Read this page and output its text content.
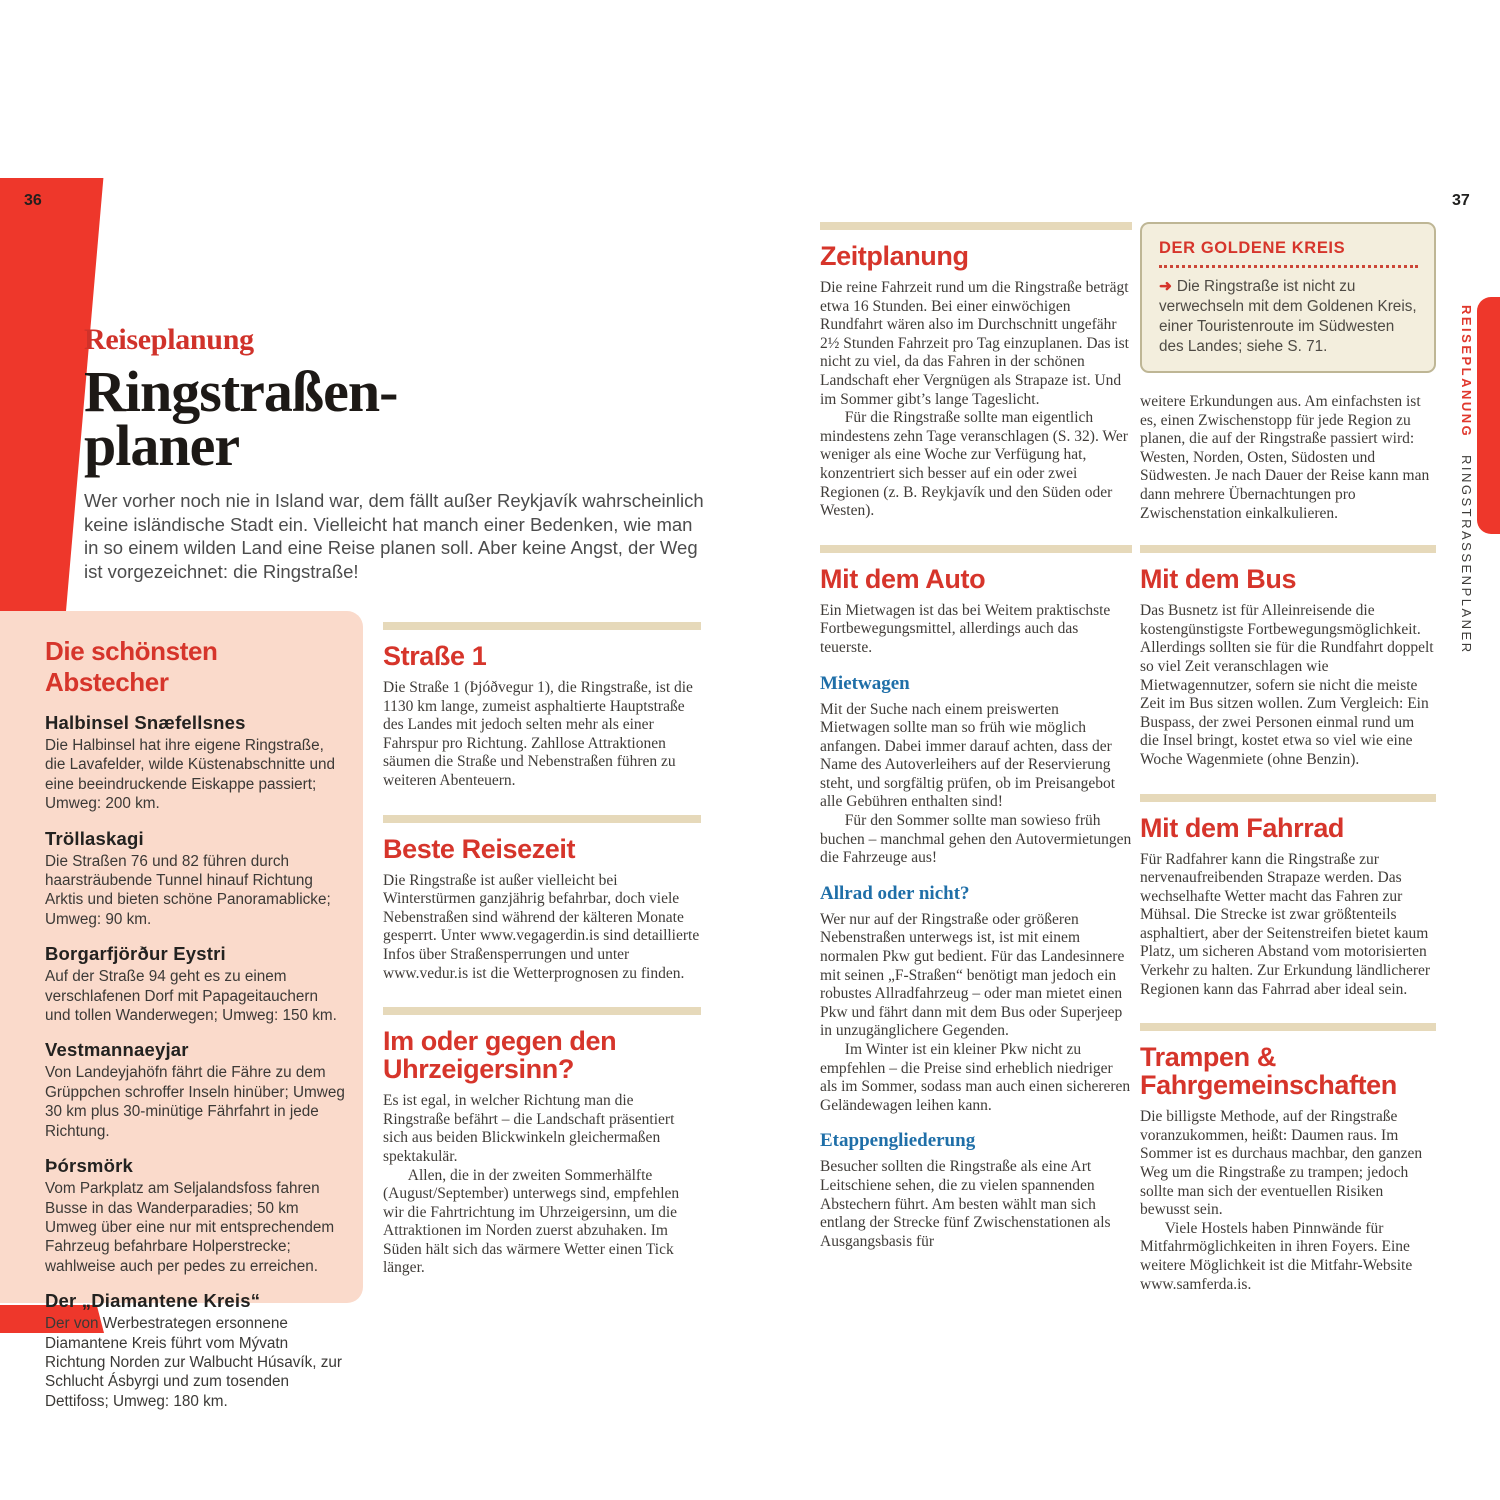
36	37
Reiseplanung
Ringstraßen-
planer
Wer vorher noch nie in Island war, dem fällt außer Reykjavík wahrscheinlich keine isländische Stadt ein. Vielleicht hat manch einer Bedenken, wie man in so einem wilden Land eine Reise planen soll. Aber keine Angst, der Weg ist vorgezeichnet: die Ringstraße!
Die schönsten Abstecher
Halbinsel Snæfellsnes

Die Halbinsel hat ihre eigene Ringstraße, die Lavafelder, wilde Küstenabschnitte und eine beeindruckende Eiskappe passiert; Umweg: 200 km.

Tröllaskagi

Die Straßen 76 und 82 führen durch haarsträubende Tunnel hinauf Richtung Arktis und bieten schöne Panoramablicke; Umweg: 90 km.

Borgarfjörður Eystri

Auf der Straße 94 geht es zu einem verschlafenen Dorf mit Papageitauchern und tollen Wanderwegen; Umweg: 150 km.

Vestmannaeyjar

Von Landeyjahöfn fährt die Fähre zu dem Grüppchen schroffer Inseln hinüber; Umweg 30 km plus 30-minütige Fährfahrt in jede Richtung.

Þórsmörk

Vom Parkplatz am Seljalandsfoss fahren Busse in das Wanderparadies; 50 km Umweg über eine nur mit entsprechendem Fahrzeug befahrbare Holperstrecke; wahlweise auch per pedes zu erreichen.

Der „Diamantene Kreis“

Der von Werbestrategen ersonnene Diamantene Kreis führt vom Mývatn Richtung Norden zur Walbucht Húsavík, zur Schlucht Ásbyrgi und zum tosenden Dettifoss; Umweg: 180 km.

Straße 1

Die Straße 1 (Þjóðvegur 1), die Ringstraße, ist die 1130 km lange, zumeist asphaltierte Hauptstraße des Landes mit jedoch selten mehr als einer Fahrspur pro Richtung. Zahllose Attraktionen säumen die Straße und Nebenstraßen führen zu weiteren Abenteuern.

Beste Reisezeit

Die Ringstraße ist außer vielleicht bei Winterstürmen ganzjährig befahrbar, doch viele Nebenstraßen sind während der kälteren Monate gesperrt. Unter www.vegagerdin.is sind detaillierte Infos über Straßensperrungen und unter www.vedur.is ist die Wetterprognosen zu finden.

Im oder gegen den Uhrzeigersinn?

Es ist egal, in welcher Richtung man die Ringstraße befährt – die Landschaft präsentiert sich aus beiden Blickwinkeln gleichermaßen spektakulär.

Allen, die in der zweiten Sommerhälfte (August/September) unterwegs sind, empfehlen wir die Fahrtrichtung im Uhrzeigersinn, um die Attraktionen im Norden zuerst abzuhaken. Im Süden hält sich das wärmere Wetter einen Tick länger.

Zeitplanung

Die reine Fahrzeit rund um die Ringstraße beträgt etwa 16 Stunden. Bei einer einwöchigen Rundfahrt wären also im Durchschnitt ungefähr 2½ Stunden Fahrzeit pro Tag einzuplanen. Das ist nicht zu viel, da das Fahren in der schönen Landschaft eher Vergnügen als Strapaze ist. Und im Sommer gibt’s lange Tageslicht.

Für die Ringstraße sollte man eigentlich mindestens zehn Tage veranschlagen (S. 32). Wer weniger als eine Woche zur Verfügung hat, konzentriert sich besser auf ein oder zwei Regionen (z. B. Reykjavík und den Süden oder Westen).

Mit dem Auto

Ein Mietwagen ist das bei Weitem praktischste Fortbewegungsmittel, allerdings auch das teuerste.

Mietwagen

Mit der Suche nach einem preiswerten Mietwagen sollte man so früh wie möglich anfangen. Dabei immer darauf achten, dass der Name des Autoverleihers auf der Reservierung steht, und sorgfältig prüfen, ob im Preisangebot alle Gebühren enthalten sind!

Für den Sommer sollte man sowieso früh buchen – manchmal gehen den Autovermietungen die Fahrzeuge aus!

Allrad oder nicht?

Wer nur auf der Ringstraße oder größeren Nebenstraßen unterwegs ist, ist mit einem normalen Pkw gut bedient. Für das Landesinnere mit seinen „F-Straßen“ benötigt man jedoch ein robustes Allradfahrzeug – oder man mietet einen Pkw und fährt dann mit dem Bus oder Superjeep in unzugänglichere Gegenden.

Im Winter ist ein kleiner Pkw nicht zu empfehlen – die Preise sind erheblich niedriger als im Sommer, sodass man auch einen sichereren Geländewagen leihen kann.

Etappengliederung

Besucher sollten die Ringstraße als eine Art Leitschiene sehen, die zu vielen spannenden Abstechern führt. Am besten wählt man sich entlang der Strecke fünf Zwischenstationen als Ausgangsbasis für

DER GOLDENE KREIS
➜ Die Ringstraße ist nicht zu verwechseln mit dem Goldenen Kreis, einer Touristenroute im Südwesten des Landes; siehe S. 71.

weitere Erkundungen aus. Am einfachsten ist es, einen Zwischenstopp für jede Region zu planen, die auf der Ringstraße passiert wird: Westen, Norden, Osten, Südosten und Südwesten. Je nach Dauer der Reise kann man dann mehrere Übernachtungen pro Zwischenstation einkalkulieren.

Mit dem Bus

Das Busnetz ist für Alleinreisende die kostengünstigste Fortbewegungsmöglichkeit. Allerdings sollten sie für die Rundfahrt doppelt so viel Zeit veranschlagen wie Mietwagennutzer, sofern sie nicht die meiste Zeit im Bus sitzen wollen. Zum Vergleich: Ein Buspass, der zwei Personen einmal rund um die Insel bringt, kostet etwa so viel wie eine Woche Wagenmiete (ohne Benzin).

Mit dem Fahrrad

Für Radfahrer kann die Ringstraße zur nervenaufreibenden Strapaze werden. Das wechselhafte Wetter macht das Fahren zur Mühsal. Die Strecke ist zwar größtenteils asphaltiert, aber der Seitenstreifen bietet kaum Platz, um sicheren Abstand vom motorisierten Verkehr zu halten. Zur Erkundung ländlicherer Regionen kann das Fahrrad aber ideal sein.

Trampen & Fahrgemeinschaften

Die billigste Methode, auf der Ringstraße voranzukommen, heißt: Daumen raus. Im Sommer ist es durchaus machbar, den ganzen Weg um die Ringstraße zu trampen; jedoch sollte man sich der eventuellen Risiken bewusst sein.

Viele Hostels haben Pinnwände für Mitfahrmöglichkeiten in ihren Foyers. Eine weitere Möglichkeit ist die Mitfahr-Website www.samferda.is.

REISEPLANUNG RINGSTRASSENPLANER
